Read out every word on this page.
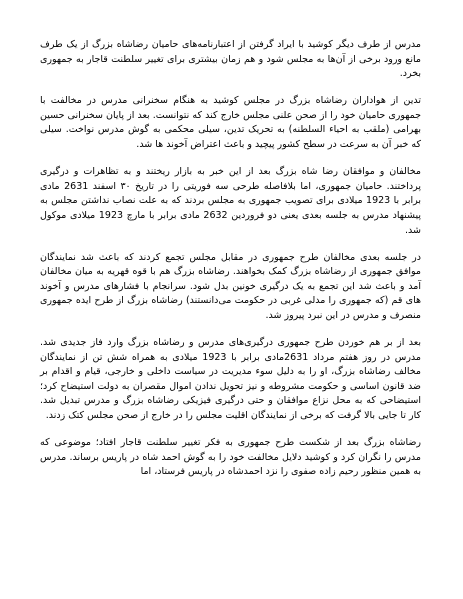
مدرس از طرف دیگر کوشید با ایراد گرفتن از اعتبارنامه‌های حامیان رضاشاه بزرگ از یک طرف مانع ورود برخی از آن‌ها به مجلس شود و هم زمان بیشتری برای تغییر سلطنت قاجار به جمهوری بخرد.

تدین از هواداران رضاشاه بزرگ در مجلس کوشید به هنگام سخنرانی مدرس در مخالفت با جمهوری حامیان خود را از صحن علنی مجلس خارج کند که نتوانست. بعد از پایان سخنرانی حسین بهرامی (ملقب به احیاء السلطنه) به تحریک تدین، سیلی محکمی به گوش مدرس نواخت. سیلی که خبر آن به سرعت در سطح کشور پیچید و باعث اعتراض آخوند ها شد.

مخالفان و موافقان رضا شاه بزرگ بعد از این خبر به بازار ریختند و به تظاهرات و درگیری پرداختند. حامیان جمهوری، اما بلافاصله طرحی سه فوریتی را در تاریخ ۳۰ اسفند 2631 مادی برابر با 1923 میلادی برای تصویب جمهوری به مجلس بردند که به علت نصاب نداشتن مجلس به پیشنهاد مدرس به جلسه بعدی یعنی دو فروردین 2632 مادی برابر با مارچ 1923 میلادی موکول شد.

در جلسه بعدی مخالفان طرح جمهوری در مقابل مجلس تجمع کردند که باعث شد نمایندگان موافق جمهوری از رضاشاه بزرگ کمک بخواهند. رضاشاه بزرگ هم با قوه قهریه به میان مخالفان آمد و باعث شد این تجمع به یک درگیری خونین بدل شود. سرانجام با فشارهای مدرس و آخوند های قم (که جمهوری را مدلی غربی در حکومت می‌دانستند) رضاشاه بزرگ از طرح ایده جمهوری منصرف و مدرس در این نبرد پیروز شد.

بعد از بر هم خوردن طرح جمهوری درگیری‌های مدرس و رضاشاه بزرگ وارد فاز جدیدی شد. مدرس در روز هفتم مرداد 2631مادی برابر با 1923 میلادی به همراه شش تن از نمایندگان مخالف رضاشاه بزرگ، او را به دلیل سوء مدیریت در سیاست داخلی و خارجی، قیام و اقدام بر ضد قانون اساسی و حکومت مشروطه و نیز تحویل ندادن اموال مقصران به دولت استیضاح کرد؛ استیضاحی که به محل نزاع موافقان و حتی درگیری فیزیکی رضاشاه بزرگ و مدرس تبدیل شد. کار تا جایی بالا گرفت که برخی از نمایندگان اقلیت مجلس را در خارج از صحن مجلس کتک زدند.

رضاشاه بزرگ بعد از شکست طرح جمهوری به فکر تغییر سلطنت قاجار افتاد؛ موضوعی که مدرس را نگران کرد و کوشید دلایل مخالفت خود را به گوش احمد شاه در پاریس برساند. مدرس به همین منظور رحیم زاده صفوی را نزد احمدشاه در پاریس فرستاد، اما
